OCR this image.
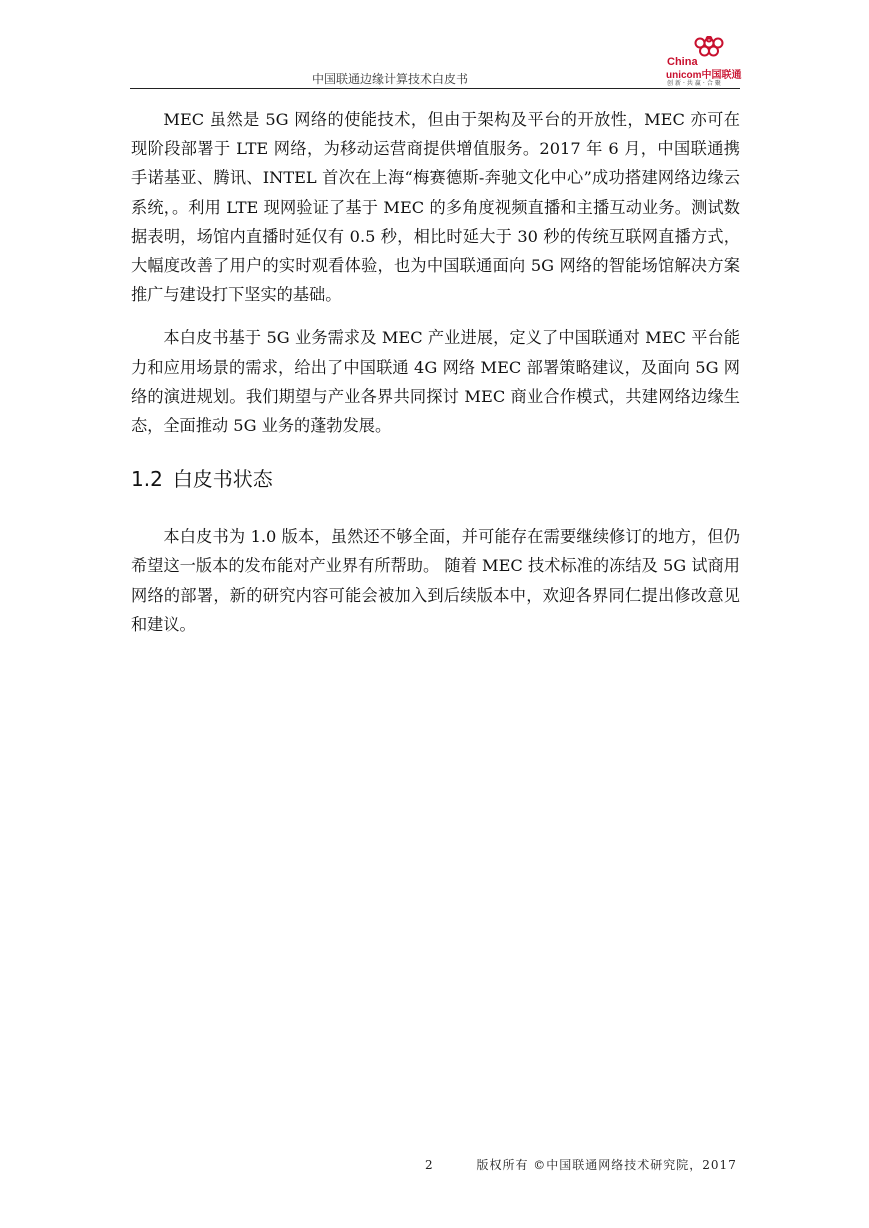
中国联通边缘计算技术白皮书
China
unicom中国联通
创新·共赢·合聚

MEC 虽然是 5G 网络的使能技术，但由于架构及平台的开放性，MEC 亦可在现阶段部署于 LTE 网络，为移动运营商提供增值服务。2017 年 6 月，中国联通携手诺基亚、腾讯、INTEL 首次在上海“梅赛德斯-奔驰文化中心”成功搭建网络边缘云系统，。利用 LTE 现网验证了基于 MEC 的多角度视频直播和主播互动业务。测试数据表明，场馆内直播时延仅有 0.5 秒，相比时延大于 30 秒的传统互联网直播方式，大幅度改善了用户的实时观看体验，也为中国联通面向 5G 网络的智能场馆解决方案推广与建设打下坚实的基础。

本白皮书基于 5G 业务需求及 MEC 产业进展，定义了中国联通对 MEC 平台能力和应用场景的需求，给出了中国联通 4G 网络 MEC 部署策略建议，及面向 5G 网络的演进规划。我们期望与产业各界共同探讨 MEC 商业合作模式，共建网络边缘生态，全面推动 5G 业务的蓬勃发展。

1.2 白皮书状态

本白皮书为 1.0 版本，虽然还不够全面，并可能存在需要继续修订的地方，但仍希望这一版本的发布能对产业界有所帮助。 随着 MEC 技术标准的冻结及 5G 试商用网络的部署，新的研究内容可能会被加入到后续版本中，欢迎各界同仁提出修改意见和建议。

2	版权所有 ©中国联通网络技术研究院，2017
